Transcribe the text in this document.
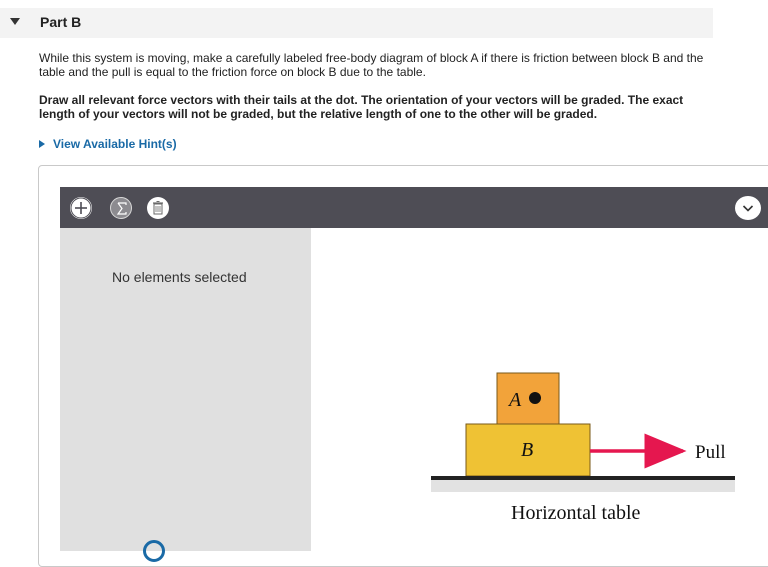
Part B

While this system is moving, make a carefully labeled free-body diagram of block A if there is friction between block B and the table and the pull is equal to the friction force on block B due to the table.

Draw all relevant force vectors with their tails at the dot. The orientation of your vectors will be graded. The exact length of your vectors will not be graded, but the relative length of one to the other will be graded.

View Available Hint(s)
No elements selected
A
B	Pull
Horizontal table
